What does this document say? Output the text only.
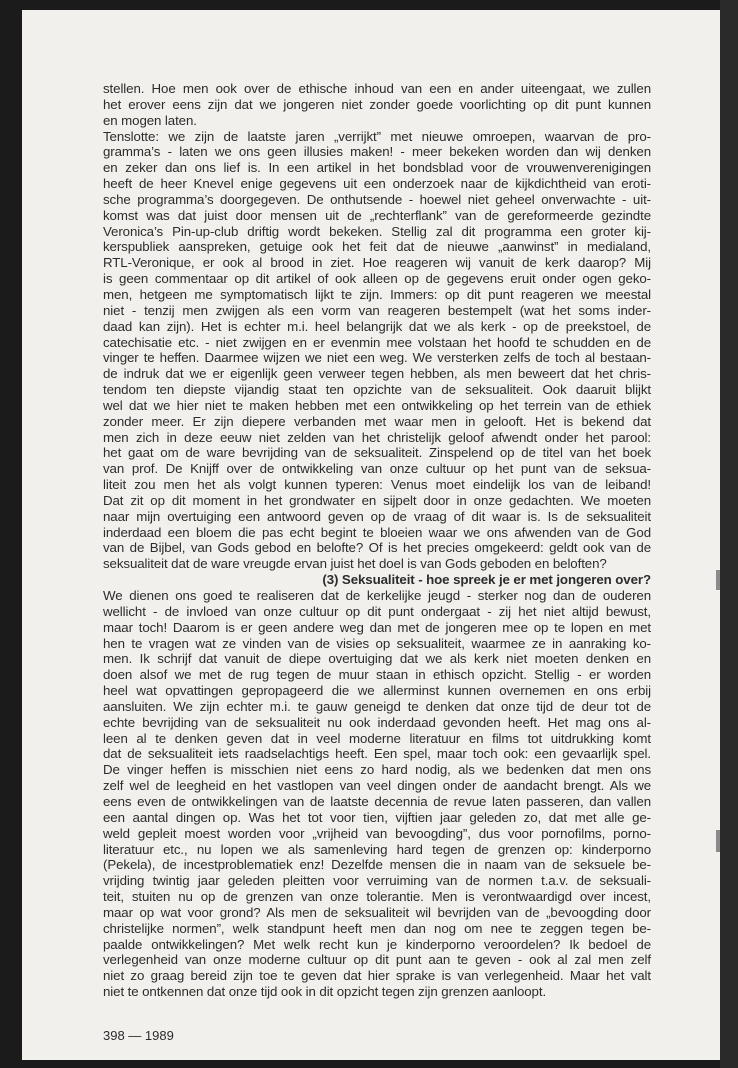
stellen. Hoe men ook over de ethische inhoud van een en ander uiteengaat, we zullen
het erover eens zijn dat we jongeren niet zonder goede voorlichting op dit punt kunnen
en mogen laten.
Tenslotte: we zijn de laatste jaren „verrijkt” met nieuwe omroepen, waarvan de pro-
gramma’s - laten we ons geen illusies maken! - meer bekeken worden dan wij denken
en zeker dan ons lief is. In een artikel in het bondsblad voor de vrouwenverenigingen
heeft de heer Knevel enige gegevens uit een onderzoek naar de kijkdichtheid van eroti-
sche programma’s doorgegeven. De onthutsende - hoewel niet geheel onverwachte - uit-
komst was dat juist door mensen uit de „rechterflank” van de gereformeerde gezindte
Veronica’s Pin-up-club driftig wordt bekeken. Stellig zal dit programma een groter kij-
kerspubliek aanspreken, getuige ook het feit dat de nieuwe „aanwinst” in medialand,
RTL-Veronique, er ook al brood in ziet. Hoe reageren wij vanuit de kerk daarop? Mij
is geen commentaar op dit artikel of ook alleen op de gegevens eruit onder ogen geko-
men, hetgeen me symptomatisch lijkt te zijn. Immers: op dit punt reageren we meestal
niet - tenzij men zwijgen als een vorm van reageren bestempelt (wat het soms inder-
daad kan zijn). Het is echter m.i. heel belangrijk dat we als kerk - op de preekstoel, de
catechisatie etc. - niet zwijgen en er evenmin mee volstaan het hoofd te schudden en de
vinger te heffen. Daarmee wijzen we niet een weg. We versterken zelfs de toch al bestaan-
de indruk dat we er eigenlijk geen verweer tegen hebben, als men beweert dat het chris-
tendom ten diepste vijandig staat ten opzichte van de seksualiteit. Ook daaruit blijkt
wel dat we hier niet te maken hebben met een ontwikkeling op het terrein van de ethiek
zonder meer. Er zijn diepere verbanden met waar men in gelooft. Het is bekend dat
men zich in deze eeuw niet zelden van het christelijk geloof afwendt onder het parool:
het gaat om de ware bevrijding van de seksualiteit. Zinspelend op de titel van het boek
van prof. De Knijff over de ontwikkeling van onze cultuur op het punt van de seksua-
liteit zou men het als volgt kunnen typeren: Venus moet eindelijk los van de leiband!
Dat zit op dit moment in het grondwater en sijpelt door in onze gedachten. We moeten
naar mijn overtuiging een antwoord geven op de vraag of dit waar is. Is de seksualiteit
inderdaad een bloem die pas echt begint te bloeien waar we ons afwenden van de God
van de Bijbel, van Gods gebod en belofte? Of is het precies omgekeerd: geldt ook van de
seksualiteit dat de ware vreugde ervan juist het doel is van Gods geboden en beloften?
(3) Seksualiteit - hoe spreek je er met jongeren over?
We dienen ons goed te realiseren dat de kerkelijke jeugd - sterker nog dan de ouderen
wellicht - de invloed van onze cultuur op dit punt ondergaat - zij het niet altijd bewust,
maar toch! Daarom is er geen andere weg dan met de jongeren mee op te lopen en met
hen te vragen wat ze vinden van de visies op seksualiteit, waarmee ze in aanraking ko-
men. Ik schrijf dat vanuit de diepe overtuiging dat we als kerk niet moeten denken en
doen alsof we met de rug tegen de muur staan in ethisch opzicht. Stellig - er worden
heel wat opvattingen gepropageerd die we allerminst kunnen overnemen en ons erbij
aansluiten. We zijn echter m.i. te gauw geneigd te denken dat onze tijd de deur tot de
echte bevrijding van de seksualiteit nu ook inderdaad gevonden heeft. Het mag ons al-
leen al te denken geven dat in veel moderne literatuur en films tot uitdrukking komt
dat de seksualiteit iets raadselachtigs heeft. Een spel, maar toch ook: een gevaarlijk spel.
De vinger heffen is misschien niet eens zo hard nodig, als we bedenken dat men ons
zelf wel de leegheid en het vastlopen van veel dingen onder de aandacht brengt. Als we
eens even de ontwikkelingen van de laatste decennia de revue laten passeren, dan vallen
een aantal dingen op. Was het tot voor tien, vijftien jaar geleden zo, dat met alle ge-
weld gepleit moest worden voor „vrijheid van bevoogding”, dus voor pornofilms, porno-
literatuur etc., nu lopen we als samenleving hard tegen de grenzen op: kinderporno
(Pekela), de incestproblematiek enz! Dezelfde mensen die in naam van de seksuele be-
vrijding twintig jaar geleden pleitten voor verruiming van de normen t.a.v. de seksuali-
teit, stuiten nu op de grenzen van onze tolerantie. Men is verontwaardigd over incest,
maar op wat voor grond? Als men de seksualiteit wil bevrijden van de „bevoogding door
christelijke normen”, welk standpunt heeft men dan nog om nee te zeggen tegen be-
paalde ontwikkelingen? Met welk recht kun je kinderporno veroordelen? Ik bedoel de
verlegenheid van onze moderne cultuur op dit punt aan te geven - ook al zal men zelf
niet zo graag bereid zijn toe te geven dat hier sprake is van verlegenheid. Maar het valt
niet te ontkennen dat onze tijd ook in dit opzicht tegen zijn grenzen aanloopt.
398 — 1989
